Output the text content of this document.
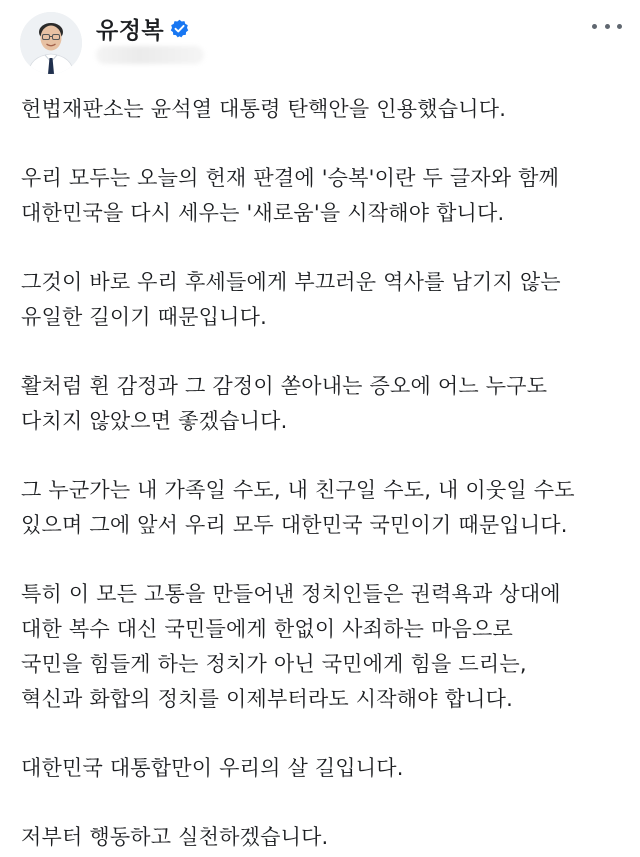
유정복

헌법재판소는 윤석열 대통령 탄핵안을 인용했습니다.

우리 모두는 오늘의 헌재 판결에 '승복'이란 두 글자와 함께
대한민국을 다시 세우는 '새로움'을 시작해야 합니다.

그것이 바로 우리 후세들에게 부끄러운 역사를 남기지 않는
유일한 길이기 때문입니다.

활처럼 휜 감정과 그 감정이 쏟아내는 증오에 어느 누구도
다치지 않았으면 좋겠습니다.

그 누군가는 내 가족일 수도, 내 친구일 수도, 내 이웃일 수도
있으며 그에 앞서 우리 모두 대한민국 국민이기 때문입니다.

특히 이 모든 고통을 만들어낸 정치인들은 권력욕과 상대에
대한 복수 대신 국민들에게 한없이 사죄하는 마음으로
국민을 힘들게 하는 정치가 아닌 국민에게 힘을 드리는,
혁신과 화합의 정치를 이제부터라도 시작해야 합니다.

대한민국 대통합만이 우리의 살 길입니다.

저부터 행동하고 실천하겠습니다.
